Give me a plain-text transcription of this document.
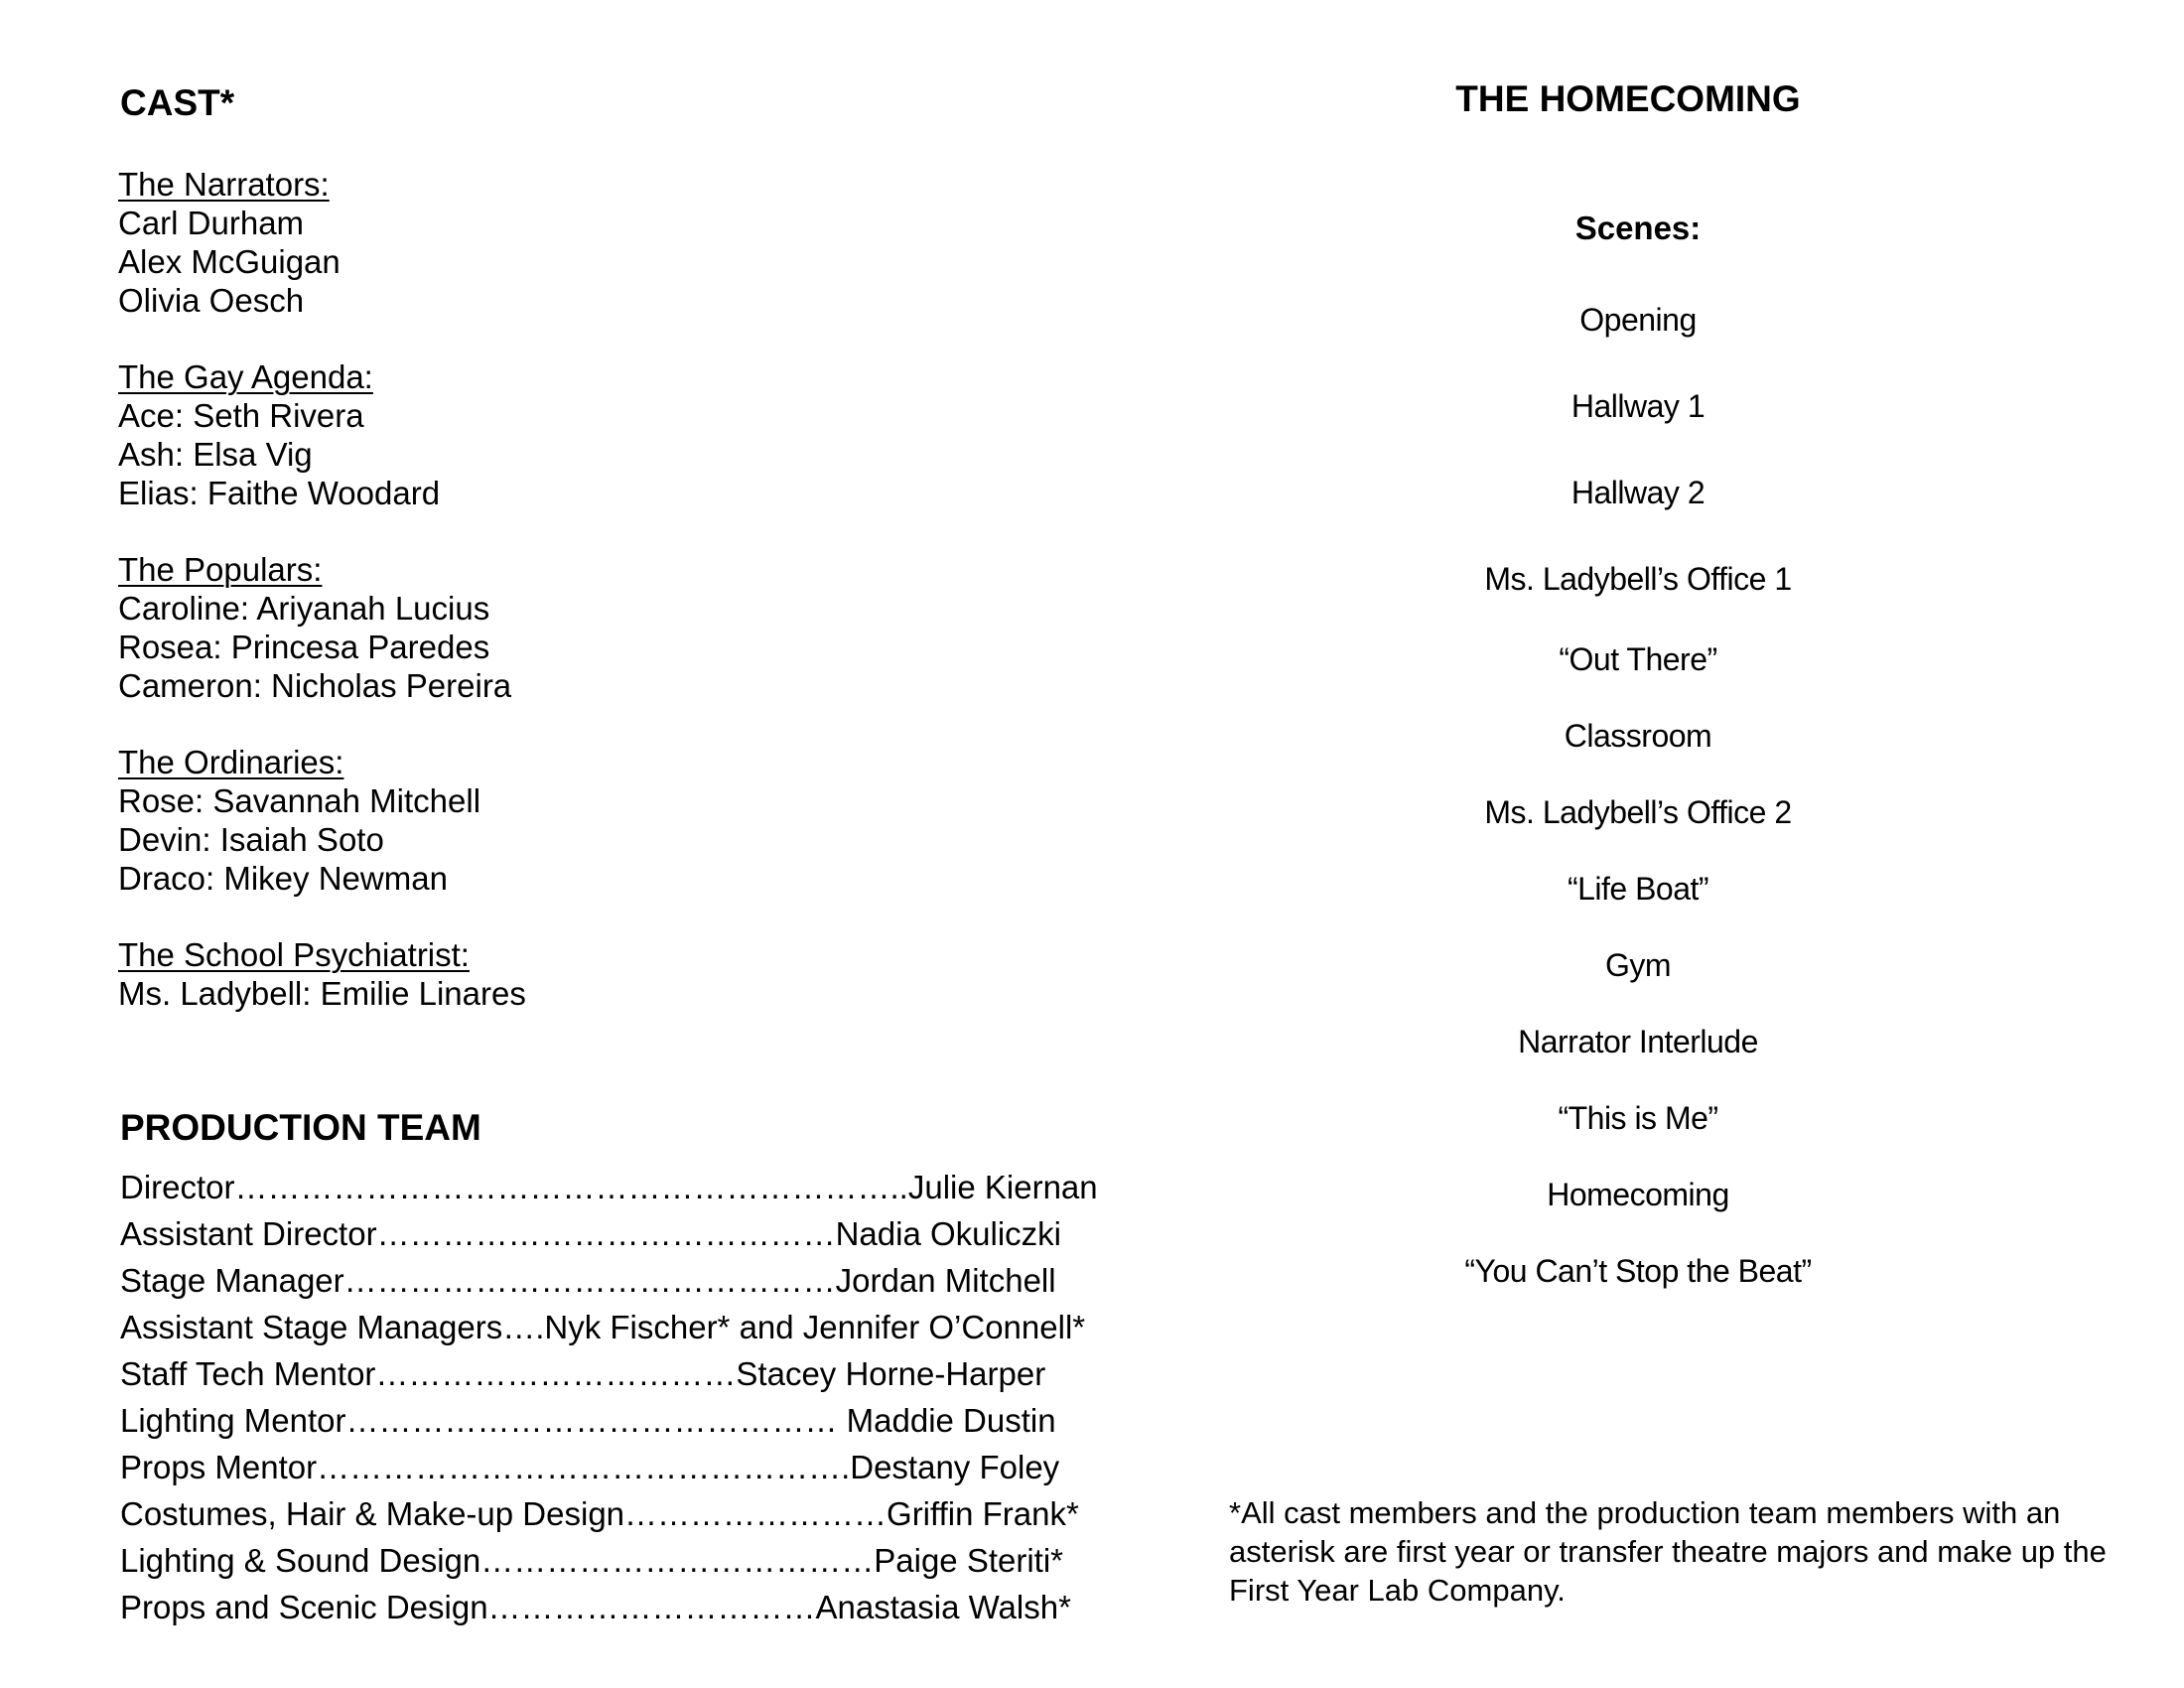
CAST*
The Narrators:
Carl Durham
Alex McGuigan
Olivia Oesch
The Gay Agenda:
Ace: Seth Rivera
Ash: Elsa Vig
Elias: Faithe Woodard
The Populars:
Caroline: Ariyanah Lucius
Rosea: Princesa Paredes
Cameron: Nicholas Pereira
The Ordinaries:
Rose: Savannah Mitchell
Devin: Isaiah Soto
Draco: Mikey Newman
The School Psychiatrist:
Ms. Ladybell: Emilie Linares
PRODUCTION TEAM
Director……………………………………………………..Julie Kiernan
Assistant Director……………………………………Nadia Okuliczki
Stage Manager………………………………………Jordan Mitchell
Assistant Stage Managers….Nyk Fischer* and Jennifer O’Connell*
Staff Tech Mentor……………………………Stacey Horne-Harper
Lighting Mentor……………………………………… Maddie Dustin
Props Mentor………………………………………….Destany Foley
Costumes, Hair & Make-up Design……………………Griffin Frank*
Lighting & Sound Design………………………………Paige Steriti*
Props and Scenic Design…………………………Anastasia Walsh*
THE HOMECOMING
Scenes:
Opening
Hallway 1
Hallway 2
Ms. Ladybell’s Office 1
“Out There”
Classroom
Ms. Ladybell’s Office 2
“Life Boat”
Gym
Narrator Interlude
“This is Me”
Homecoming
“You Can’t Stop the Beat”
*All cast members and the production team members with an asterisk are first year or transfer theatre majors and make up the First Year Lab Company.
